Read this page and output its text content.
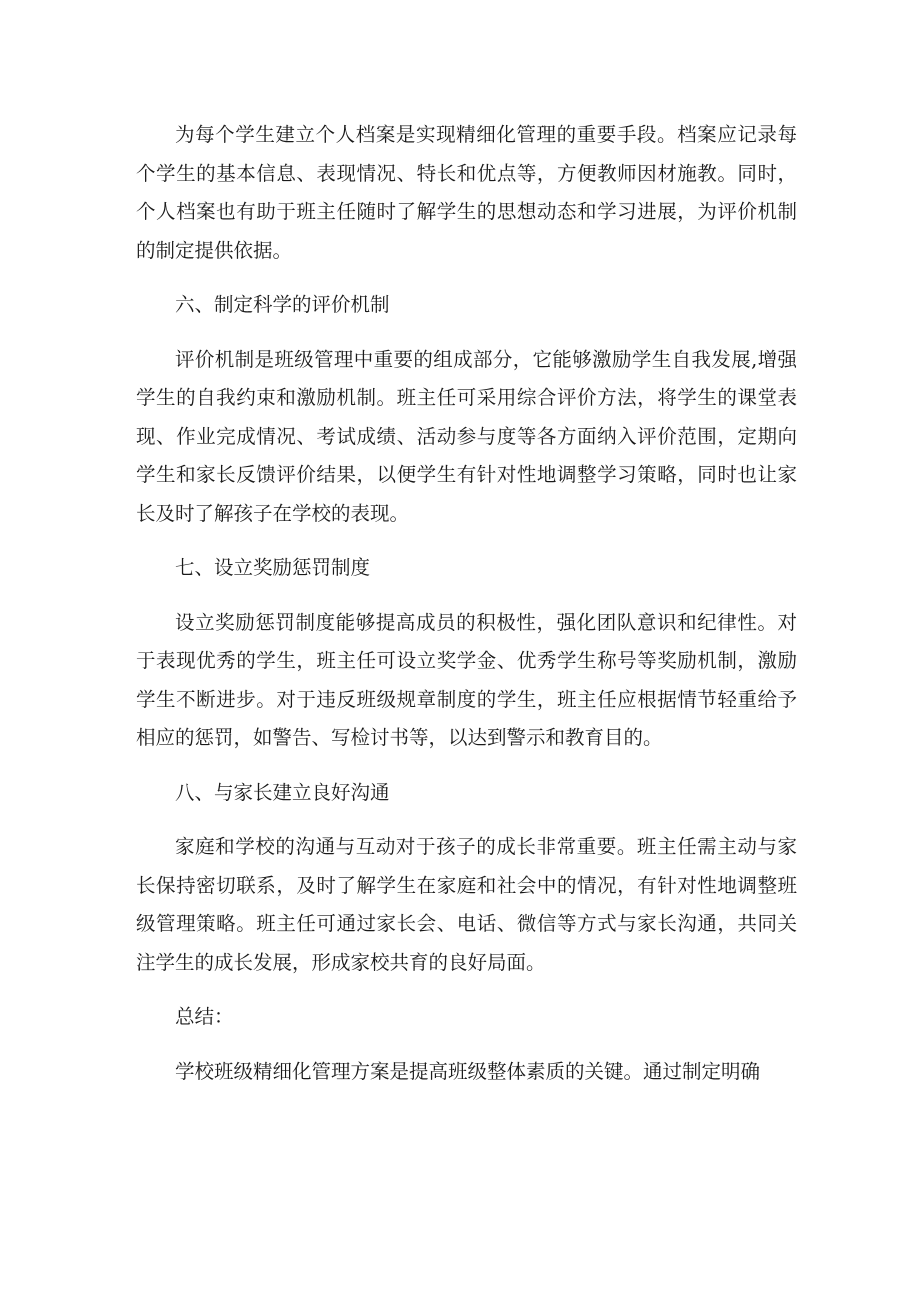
为每个学生建立个人档案是实现精细化管理的重要手段。档案应记录每个学生的基本信息、表现情况、特长和优点等，方便教师因材施教。同时，个人档案也有助于班主任随时了解学生的思想动态和学习进展，为评价机制的制定提供依据。

六、制定科学的评价机制

评价机制是班级管理中重要的组成部分，它能够激励学生自我发展,增强学生的自我约束和激励机制。班主任可采用综合评价方法，将学生的课堂表现、作业完成情况、考试成绩、活动参与度等各方面纳入评价范围，定期向学生和家长反馈评价结果，以便学生有针对性地调整学习策略，同时也让家长及时了解孩子在学校的表现。

七、设立奖励惩罚制度

设立奖励惩罚制度能够提高成员的积极性，强化团队意识和纪律性。对于表现优秀的学生，班主任可设立奖学金、优秀学生称号等奖励机制，激励学生不断进步。对于违反班级规章制度的学生，班主任应根据情节轻重给予相应的惩罚，如警告、写检讨书等，以达到警示和教育目的。

八、与家长建立良好沟通

家庭和学校的沟通与互动对于孩子的成长非常重要。班主任需主动与家长保持密切联系，及时了解学生在家庭和社会中的情况，有针对性地调整班级管理策略。班主任可通过家长会、电话、微信等方式与家长沟通，共同关注学生的成长发展，形成家校共育的良好局面。

总结：

学校班级精细化管理方案是提高班级整体素质的关键。通过制定明确
